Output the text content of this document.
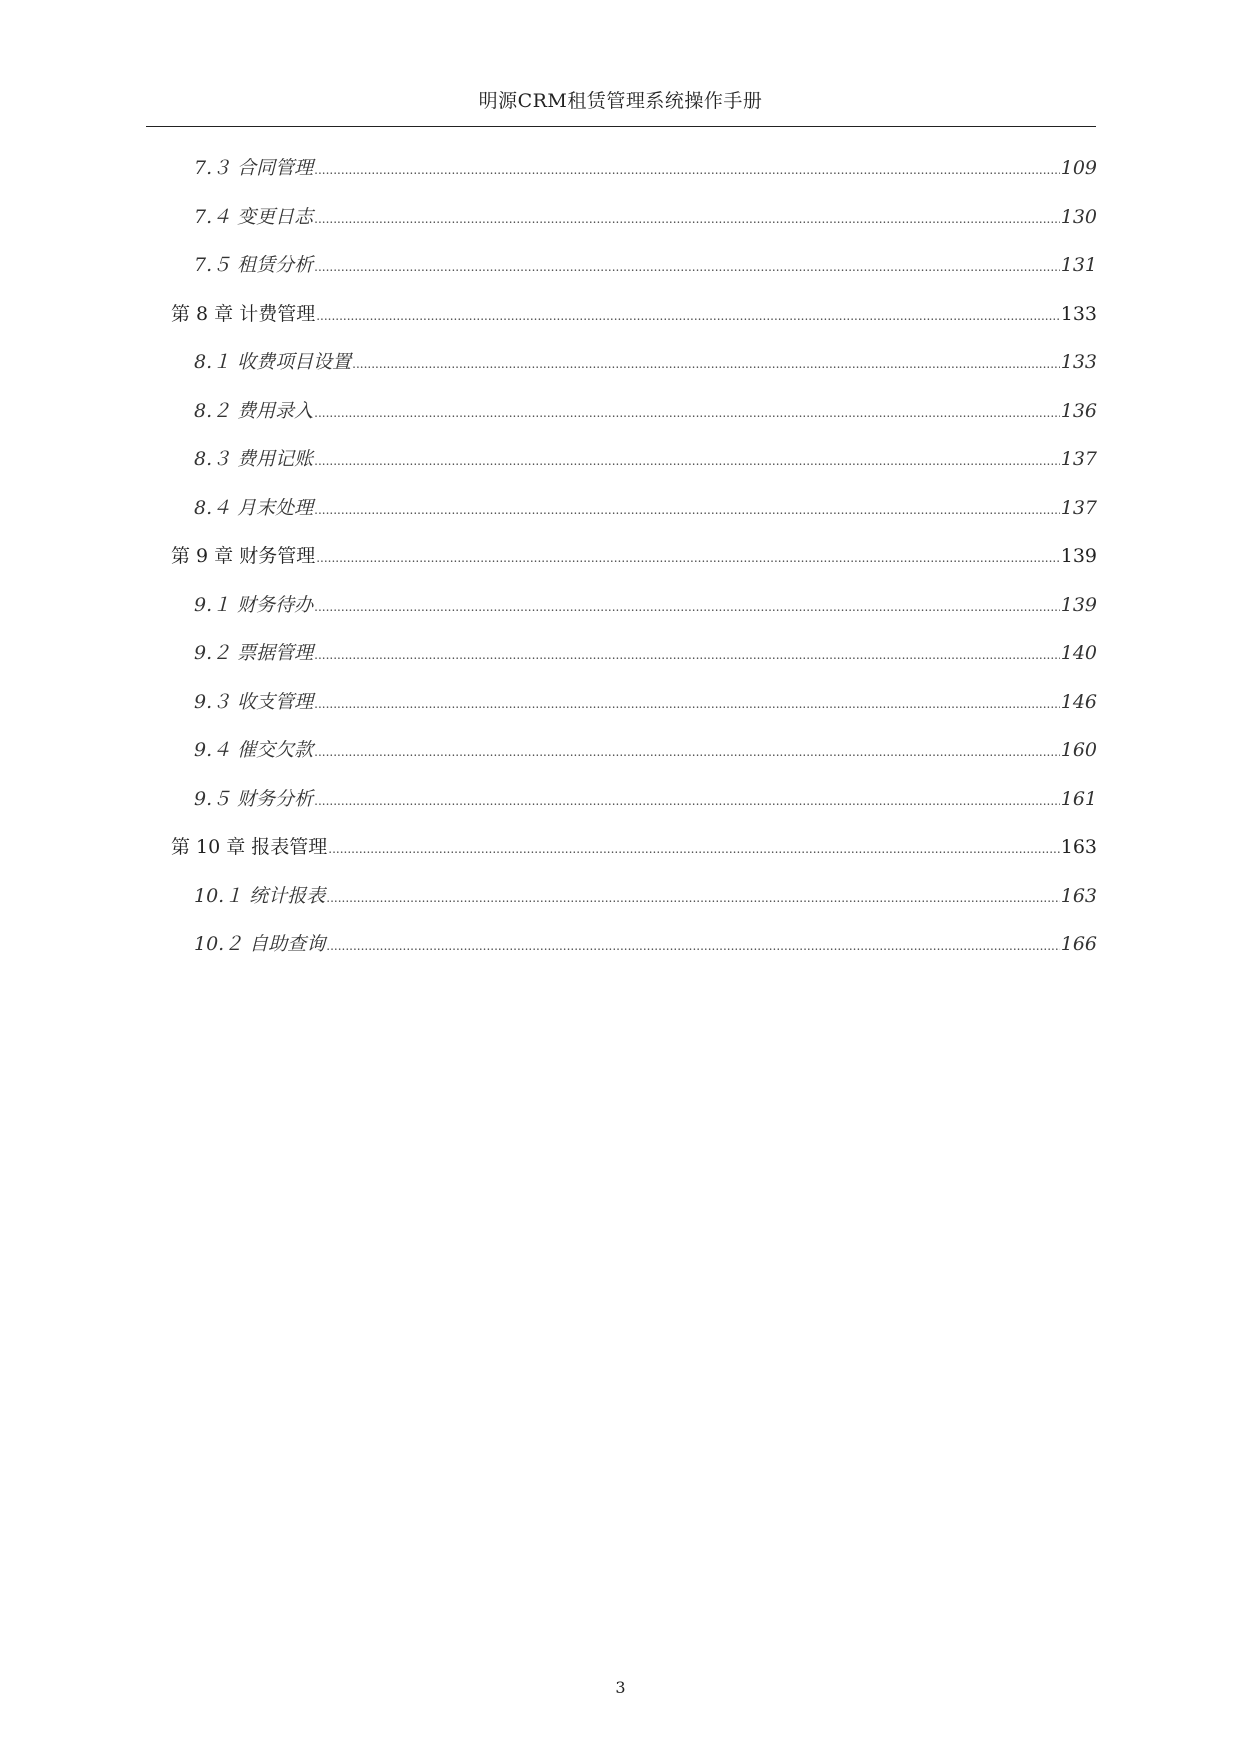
明源CRM租赁管理系统操作手册
7.３ 合同管理 .....	109
7.４ 变更日志 .....	130
7.５ 租赁分析 .....	131
第 8 章 计费管理 .....	133
8.１ 收费项目设置 .....	133
8.２ 费用录入 .....	136
8.３ 费用记账 .....	137
8.４ 月末处理 .....	137
第 9 章 财务管理 .....	139
9.１ 财务待办 .....	139
9.２ 票据管理 .....	140
9.３ 收支管理 .....	146
9.４ 催交欠款 .....	160
9.５ 财务分析 .....	161
第 10 章 报表管理 .....	163
10.１ 统计报表 .....	163
10.２ 自助查询 .....	166
3
